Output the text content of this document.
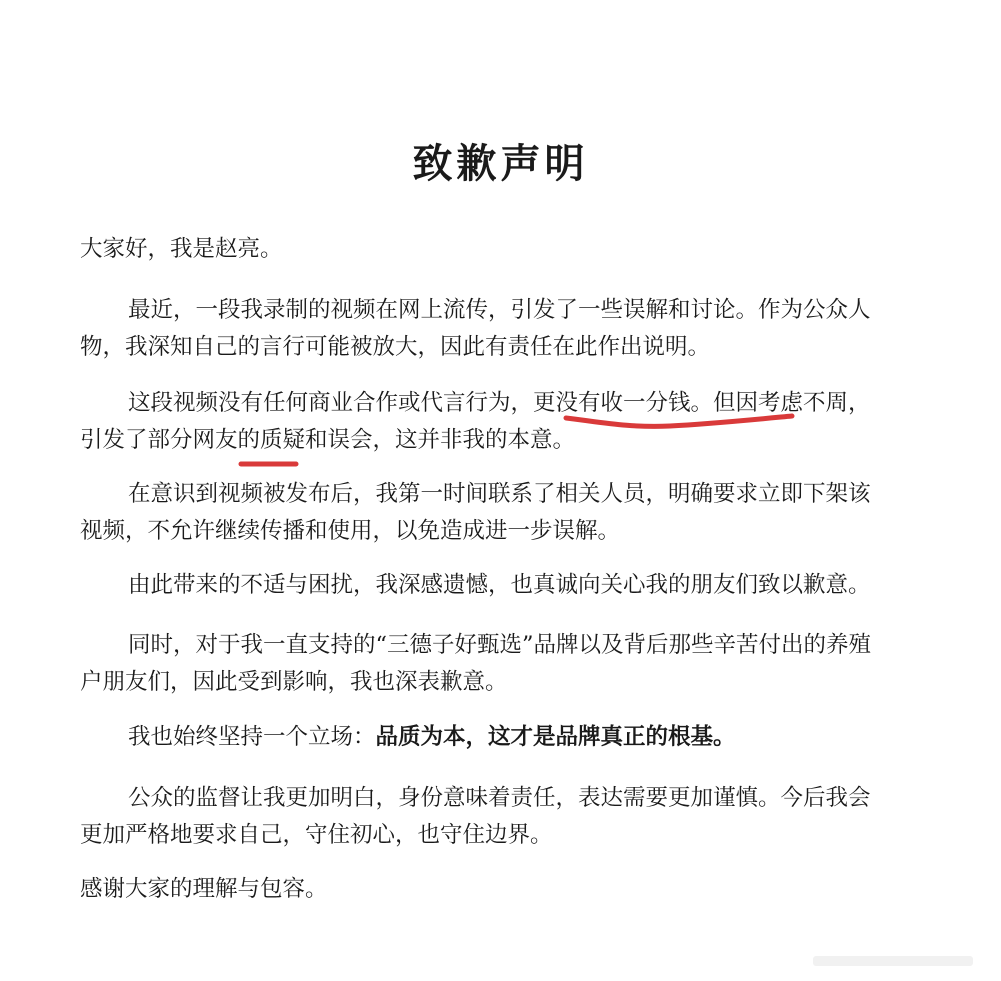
致歉声明

大家好，我是赵亮。

最近，一段我录制的视频在网上流传，引发了一些误解和讨论。作为公众人
物，我深知自己的言行可能被放大，因此有责任在此作出说明。

这段视频没有任何商业合作或代言行为，更没有收一分钱。但因考虑不周，
引发了部分网友的质疑和误会，这并非我的本意。

在意识到视频被发布后，我第一时间联系了相关人员，明确要求立即下架该
视频，不允许继续传播和使用，以免造成进一步误解。

由此带来的不适与困扰，我深感遗憾，也真诚向关心我的朋友们致以歉意。

同时，对于我一直支持的“三德子好甄选”品牌以及背后那些辛苦付出的养殖
户朋友们，因此受到影响，我也深表歉意。

我也始终坚持一个立场：品质为本，这才是品牌真正的根基。

公众的监督让我更加明白，身份意味着责任，表达需要更加谨慎。今后我会
更加严格地要求自己，守住初心，也守住边界。

感谢大家的理解与包容。
